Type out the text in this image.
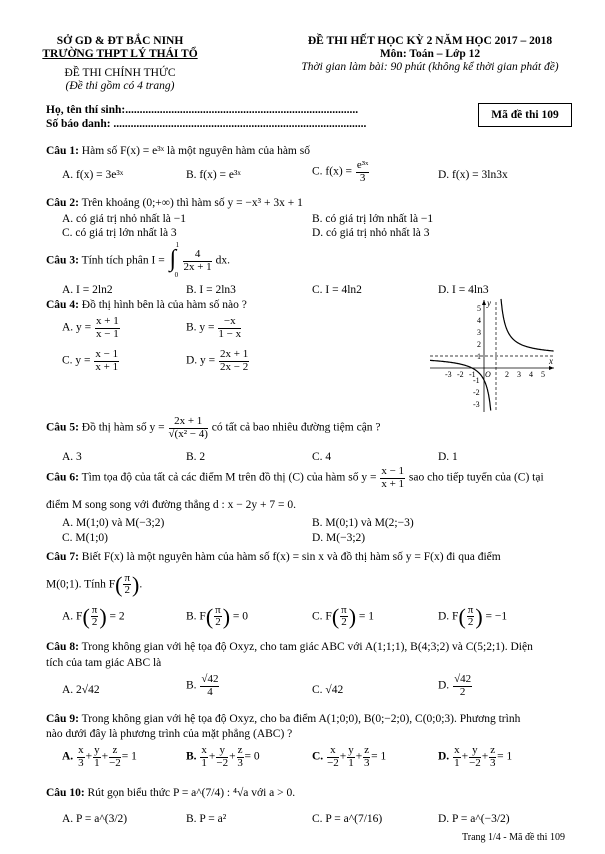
SỞ GD & ĐT BẮC NINH
TRƯỜNG THPT LÝ THÁI TỔ
ĐỀ THI CHÍNH THỨC
(Đề thi gồm có 4 trang)
ĐỀ THI HẾT HỌC KỲ 2 NĂM HỌC 2017 – 2018
Môn: Toán – Lớp 12
Thời gian làm bài: 90 phút (không kể thời gian phát đề)
Họ, tên thí sinh:.................................................................................
Số báo danh: ........................................................................................
Mã đề thi 109
Câu 1: Hàm số F(x) = e³ˣ là một nguyên hàm của hàm số
A. f(x) = 3e³ˣ	B. f(x) = e³ˣ	C. $f(x) = \frac{\text{e³ˣ}}{3}$	D. f(x) = 3ln3x
Câu 2: Trên khoảng (0;+∞) thì hàm số y = −x³ + 3x + 1
A. có giá trị nhỏ nhất là −1	B. có giá trị lớn nhất là −1
C. có giá trị lớn nhất là 3	D. có giá trị nhỏ nhất là 3
Câu 3: Tính tích phân I = ∫
1
0

$\frac{4}{2x + 1}$ dx.
A. I = 2ln2	B. I = 2ln3	C. I = 4ln2	D. I = 4ln3
Câu 4: Đồ thị hình bên là của hàm số nào ?
A. $y = \frac{x + 1}{x - 1}$	B. $y = \frac{-x}{1 - x}$
C. $y = \frac{x - 1}{x + 1}$	D. $y = \frac{2x + 1}{2x - 2}$
-3 -2 -1 O 2 3 4 5
5
4
3
2
1
-1
-2
-3
x
y
Câu 5: Đồ thị hàm số $y = \frac{2x + 1}{\text{√(x² − 4)}}$ có tất cả bao nhiêu đường tiệm cận ?
A. 3	B. 2	C. 4	D. 1
Câu 6: Tìm tọa độ của tất cả các điểm M trên đồ thị (C) của hàm số $y = \frac{x - 1}{x + 1}$ sao cho tiếp tuyến của (C) tại
điểm M song song với đường thẳng d : x − 2y + 7 = 0.
A. M(1;0) và M(−3;2)	B. M(0;1) và M(2;−3)
C. M(1;0)	D. M(−3;2)
Câu 7: Biết F(x) là một nguyên hàm của hàm số f(x) = sin x và đồ thị hàm số y = F(x) đi qua điểm
M(0;1). Tính $F( \frac{\pi}{2}$ ).
A. $F( \frac{\pi}{2}$ ) = 2	B. $F( \frac{\pi}{2}$ ) = 0	C. $F( \frac{\pi}{2}$ ) = 1	D. $F( \frac{\pi}{2}$ ) = −1
Câu 8: Trong không gian với hệ tọa độ Oxyz, cho tam giác ABC với A(1;1;1), B(4;3;2) và C(5;2;1). Diện
tích của tam giác ABC là
A. 2√42	B. $\frac{√42}{4}$	C. √42	D. $\frac{√42}{2}$
Câu 9: Trong không gian với hệ tọa độ Oxyz, cho ba điểm A(1;0;0), B(0;−2;0), C(0;0;3). Phương trình
nào dưới đây là phương trình của mặt phẳng (ABC) ?
A. $\frac{x}{3} + \frac{y}{1} + \frac{z}{-2} = 1$	B. $\frac{x}{1} + \frac{y}{-2} + \frac{z}{3} = 0$	C. $\frac{x}{-2} + \frac{y}{1} + \frac{z}{3} = 1$	D. $\frac{x}{1} + \frac{y}{-2} + \frac{z}{3} = 1$
Câu 10: Rút gọn biểu thức P = a^(7/4) : ⁴√a với a > 0.
A. P = a^(3/2)	B. P = a²	C. P = a^(7/16)	D. P = a^(−3/2)
Trang 1/4 - Mã đề thi 109
